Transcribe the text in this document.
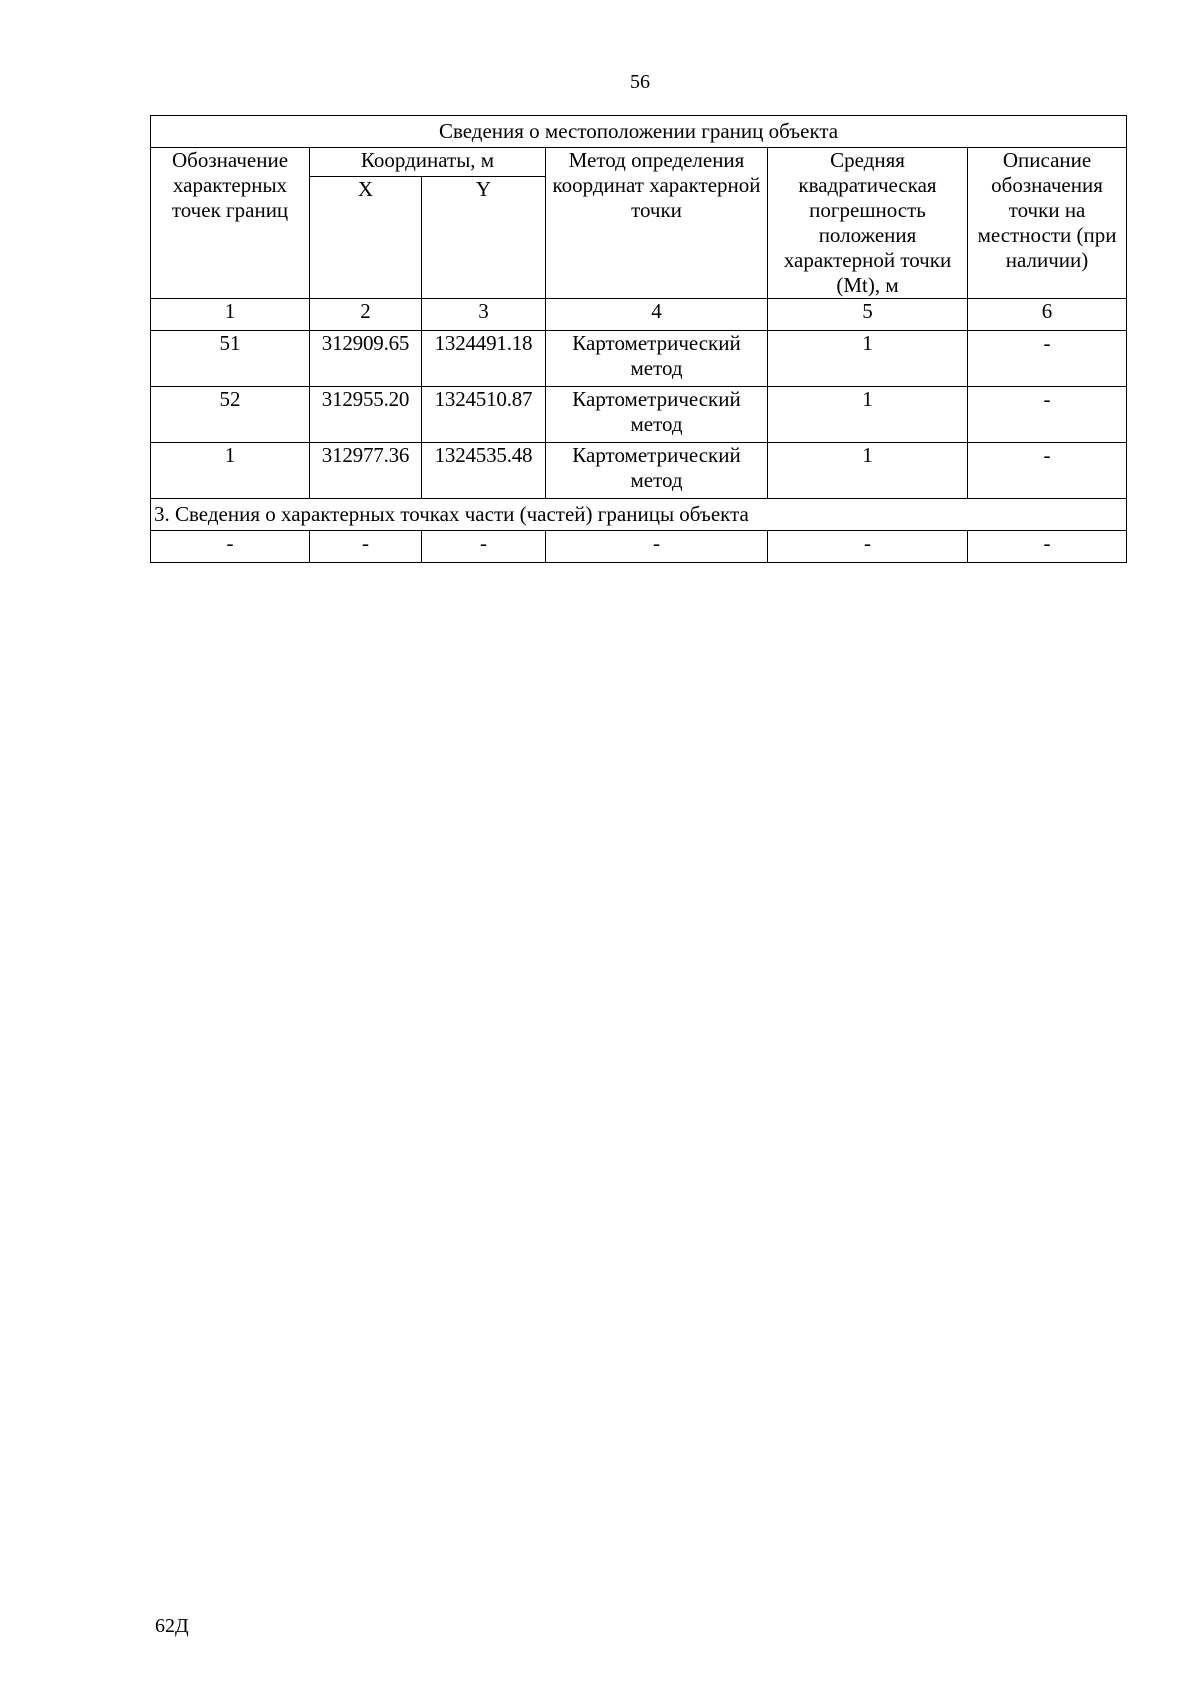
56
Сведения о местоположении границ объекта					
Обозначение характерных точек границ	Координаты, м		Метод определения координат характерной точки	Средняя квадратическая погрешность положения характерной точки (Mt), м	Описание обозначения точки на местности (при наличии)
	X	Y			
1	2	3	4	5	6
51	312909.65	1324491.18	Картометрический метод	1	-
52	312955.20	1324510.87	Картометрический метод	1	-
1	312977.36	1324535.48	Картометрический метод	1	-
3. Сведения о характерных точках части (частей) границы объекта					
-	-	-	-	-	-
62Д
